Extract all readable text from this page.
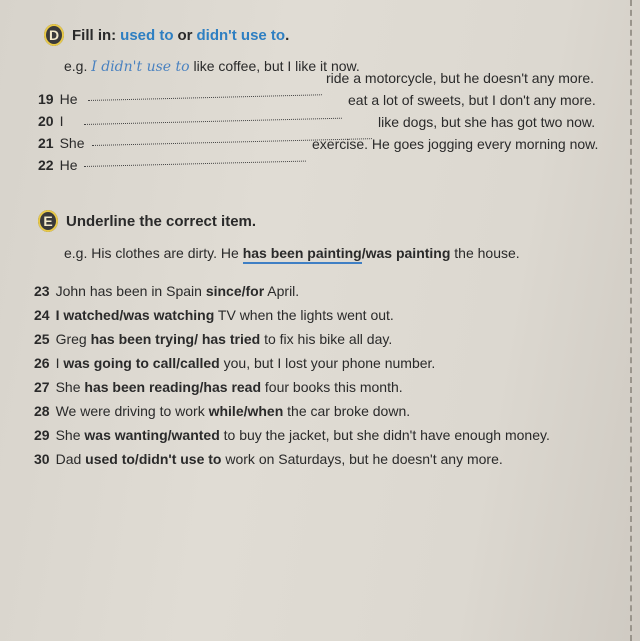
D Fill in: used to or didn't use to .
e.g. I didn't use to like coffee, but I like it now.
19 He
ride a motorcycle, but he doesn't any more.
20 I
eat a lot of sweets, but I don't any more.
21 She
like dogs, but she has got two now.
22 He
exercise. He goes jogging every morning now.
E Underline the correct item.
e.g. His clothes are dirty. He has been painting/was painting the house.
23 John has been in Spain since/for April.
24 I watched/was watching TV when the lights went out.
25 Greg has been trying/ has tried to fix his bike all day.
26 I was going to call/called you, but I lost your phone number.
27 She has been reading/has read four books this month.
28 We were driving to work while/when the car broke down.
29 She was wanting/wanted to buy the jacket, but she didn't have enough money.
30 Dad used to/didn't use to work on Saturdays, but he doesn't any more.
